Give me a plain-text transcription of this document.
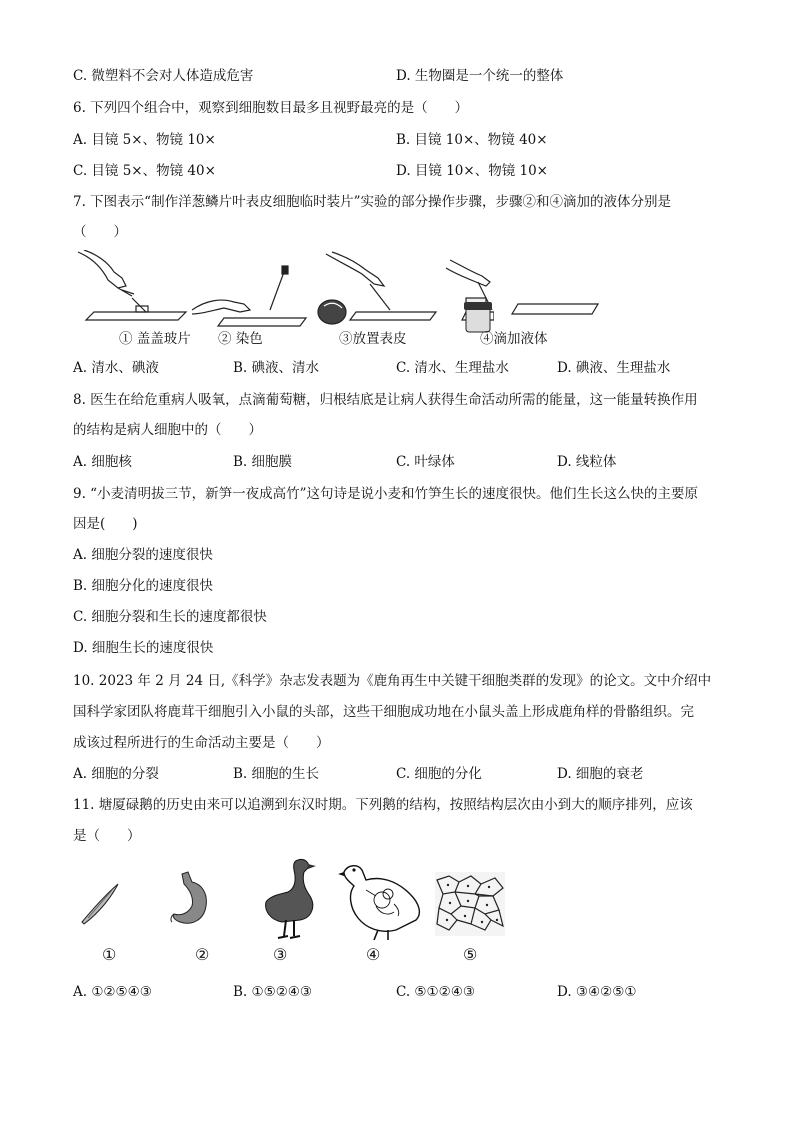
C. 微塑料不会对人体造成危害	D. 生物圈是一个统一的整体
6. 下列四个组合中，观察到细胞数目最多且视野最亮的是（　　）
A. 目镜 5×、物镜 10×	B. 目镜 10×、物镜 40×
C. 目镜 5×、物镜 40×	D. 目镜 10×、物镜 10×
7. 下图表示“制作洋葱鳞片叶表皮细胞临时装片”实验的部分操作步骤，步骤②和④滴加的液体分别是
（　　）
① 盖盖玻片 ② 染色	③放置表皮	④滴加液体
A. 清水、碘液	B. 碘液、清水	C. 清水、生理盐水	D. 碘液、生理盐水
8. 医生在给危重病人吸氧，点滴葡萄糖，归根结底是让病人获得生命活动所需的能量，这一能量转换作用
的结构是病人细胞中的（　　）
A. 细胞核	B. 细胞膜	C. 叶绿体	D. 线粒体
9. “小麦清明拔三节，新笋一夜成高竹”这句诗是说小麦和竹笋生长的速度很快。他们生长这么快的主要原
因是(　　)
A. 细胞分裂的速度很快
B. 细胞分化的速度很快
C. 细胞分裂和生长的速度都很快
D. 细胞生长的速度很快
10. 2023 年 2 月 24 日,《科学》杂志发表题为《鹿角再生中关键干细胞类群的发现》的论文。文中介绍中
国科学家团队将鹿茸干细胞引入小鼠的头部，这些干细胞成功地在小鼠头盖上形成鹿角样的骨骼组织。完
成该过程所进行的生命活动主要是（　　）
A. 细胞的分裂	B. 细胞的生长	C. 细胞的分化	D. 细胞的衰老
11. 塘厦碌鹅的历史由来可以追溯到东汉时期。下列鹅的结构，按照结构层次由小到大的顺序排列，应该
是（　　）
①	②	③	④	⑤
A. ①②⑤④③	B. ①⑤②④③	C. ⑤①②④③	D. ③④②⑤①
